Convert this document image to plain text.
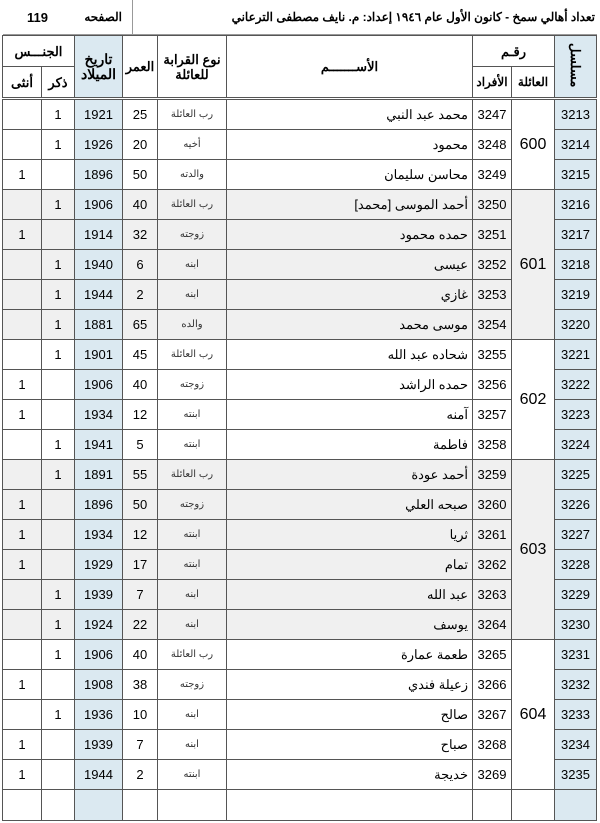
تعداد أهالي سمخ - كانون الأول عام ١٩٤٦ إعداد: م. نايف مصطفى الترعاني
الصفحه
119
مسلسل	رقـم		الأســـــــم	نوع القرابة للعائلة	العمر	تاريخ الميلاد	الجنـــس	
	العائلة	الأفراد					ذكر	أنثى
3213	600	3247	محمد عبد النبي	رب العائلة	25	1921	1	
3214		3248	محمود	أخيه	20	1926	1	
3215		3249	محاسن سليمان	والدته	50	1896		1
3216	601	3250	أحمد الموسى [محمد]	رب العائلة	40	1906	1	
3217		3251	حمده محمود	زوجته	32	1914		1
3218		3252	عيسى	ابنه	6	1940	1	
3219		3253	غازي	ابنه	2	1944	1	
3220		3254	موسى محمد	والده	65	1881	1	
3221	602	3255	شحاده عبد الله	رب العائلة	45	1901	1	
3222		3256	حمده الراشد	زوجته	40	1906		1
3223		3257	آمنه	ابنته	12	1934		1
3224		3258	فاطمة	ابنته	5	1941	1	
3225	603	3259	أحمد عودة	رب العائلة	55	1891	1	
3226		3260	صبحه العلي	زوجته	50	1896		1
3227		3261	ثريا	ابنته	12	1934		1
3228		3262	تمام	ابنته	17	1929		1
3229		3263	عبد الله	ابنه	7	1939	1	
3230		3264	يوسف	ابنه	22	1924	1	
3231	604	3265	طعمة عمارة	رب العائلة	40	1906	1	
3232		3266	زعيلة فندي	زوجته	38	1908		1
3233		3267	صالح	ابنه	10	1936	1	
3234		3268	صباح	ابنه	7	1939		1
3235		3269	خديجة	ابنته	2	1944		1
